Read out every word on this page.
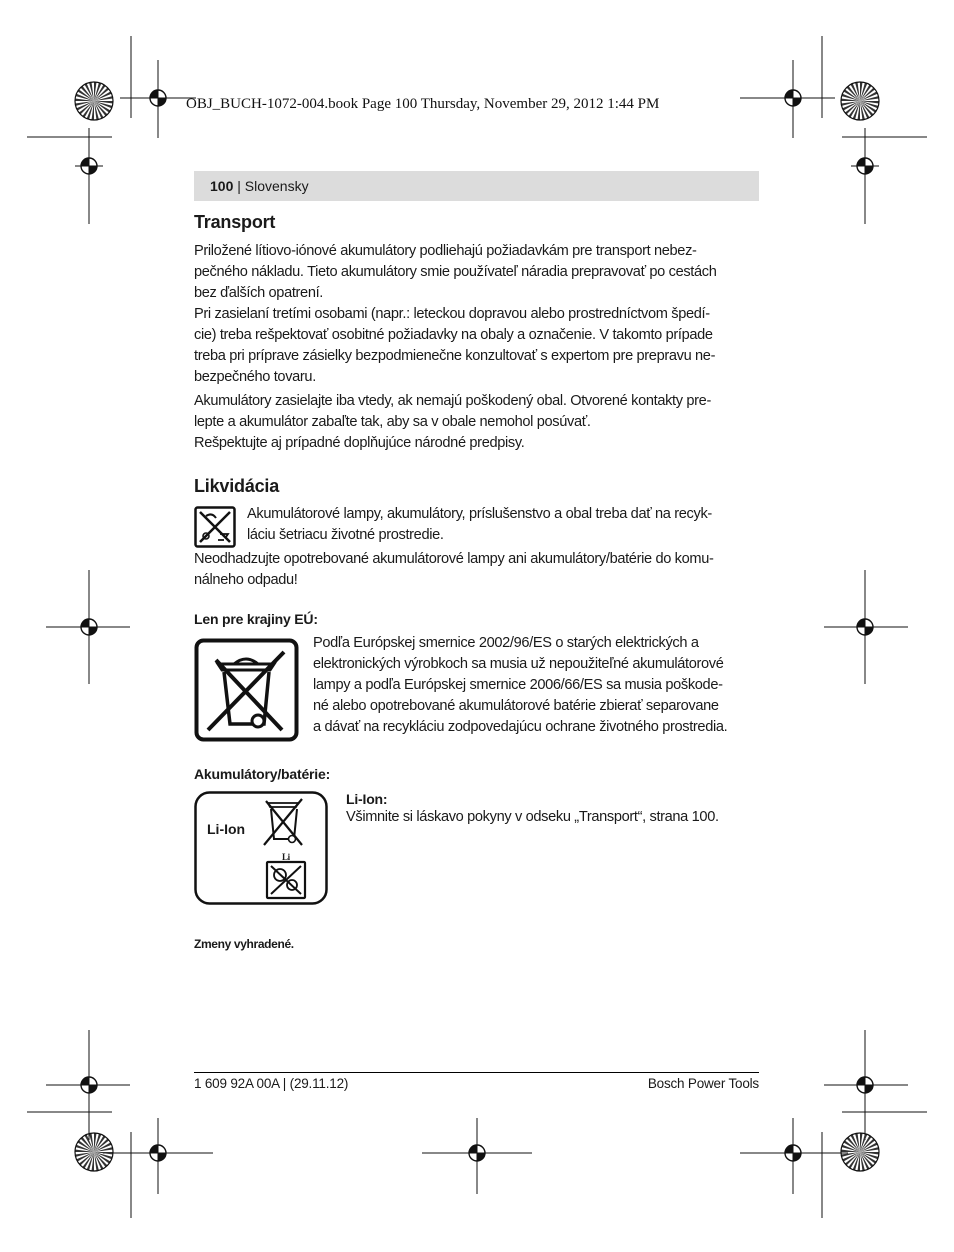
OBJ_BUCH-1072-004.book Page 100 Thursday, November 29, 2012 1:44 PM
100 | Slovensky
Transport

Priložené lítiovo-iónové akumulátory podliehajú požiadavkám pre transport nebez-

pečného nákladu. Tieto akumulátory smie používateľ náradia prepravovať po cestách

bez ďalších opatrení.

Pri zasielaní tretími osobami (napr.: leteckou dopravou alebo prostredníctvom špedí-

cie) treba rešpektovať osobitné požiadavky na obaly a označenie. V takomto prípade

treba pri príprave zásielky bezpodmienečne konzultovať s expertom pre prepravu ne-

bezpečného tovaru.

Akumulátory zasielajte iba vtedy, ak nemajú poškodený obal. Otvorené kontakty pre-

lepte a akumulátor zabaľte tak, aby sa v obale nemohol posúvať.

Rešpektujte aj prípadné doplňujúce národné predpisy.

Likvidácia

Akumulátorové lampy, akumulátory, príslušenstvo a obal treba dať na recyk-

láciu šetriacu životné prostredie.

Neodhadzujte opotrebované akumulátorové lampy ani akumulátory/batérie do komu-

nálneho odpadu!

Len pre krajiny EÚ:

Podľa Európskej smernice 2002/96/ES o starých elektrických a

elektronických výrobkoch sa musia už nepoužiteľné akumulátorové

lampy a podľa Európskej smernice 2006/66/ES sa musia poškode-

né alebo opotrebované akumulátorové batérie zbierať separovane

a dávať na recykláciu zodpovedajúcu ochrane životného prostredia.

Akumulátory/batérie:
Li-Ion
Li
Li-Ion:

Všimnite si láskavo pokyny v odseku „Transport“, strana 100.

Zmeny vyhradené.

1 609 92A 00A | (29.11.12)	Bosch Power Tools
